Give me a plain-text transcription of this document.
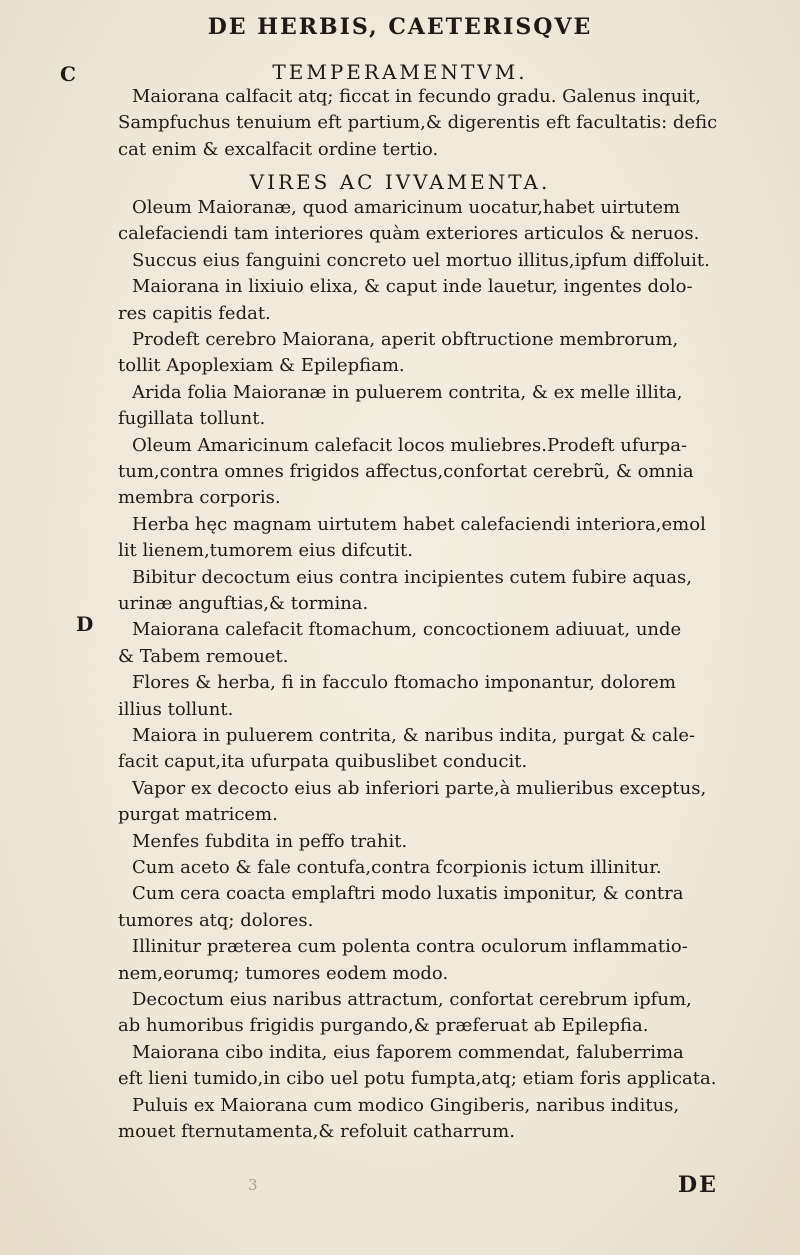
DE HERBIS, CAETERISQVE
C
D
TEMPERAMENTVM.
Maiorana calfacit atq; ficcat in fecundo gradu. Galenus inquit,
Sampfuchus tenuium eft partium,& digerentis eft facultatis: defic
cat enim & excalfacit ordine tertio.
VIRES AC IVVAMENTA.
Oleum Maioranæ, quod amaricinum uocatur,habet uirtutem
calefaciendi tam interiores quàm exteriores articulos & neruos.
Succus eius fanguini concreto uel mortuo illitus,ipfum diffoluit.
Maiorana in lixiuio elixa, & caput inde lauetur, ingentes dolo-
res capitis fedat.
Prodeft cerebro Maiorana, aperit obftructione membrorum,
tollit Apoplexiam & Epilepfiam.
Arida folia Maioranæ in puluerem contrita, & ex melle illita,
fugillata tollunt.
Oleum Amaricinum calefacit locos muliebres.Prodeft ufurpa-
tum,contra omnes frigidos affectus,confortat cerebrũ, & omnia
membra corporis.
Herba hęc magnam uirtutem habet calefaciendi interiora,emol
lit lienem,tumorem eius difcutit.
Bibitur decoctum eius contra incipientes cutem fubire aquas,
urinæ anguftias,& tormina.
Maiorana calefacit ftomachum, concoctionem adiuuat, unde
& Tabem remouet.
Flores & herba, fi in facculo ftomacho imponantur, dolorem
illius tollunt.
Maiora in puluerem contrita, & naribus indita, purgat & cale-
facit caput,ita ufurpata quibuslibet conducit.
Vapor ex decocto eius ab inferiori parte,à mulieribus exceptus,
purgat matricem.
Menfes fubdita in peffo trahit.
Cum aceto & fale contufa,contra fcorpionis ictum illinitur.
Cum cera coacta emplaftri modo luxatis imponitur, & contra
tumores atq; dolores.
Illinitur præterea cum polenta contra oculorum inflammatio-
nem,eorumq; tumores eodem modo.
Decoctum eius naribus attractum, confortat cerebrum ipfum,
ab humoribus frigidis purgando,& præferuat ab Epilepfia.
Maiorana cibo indita, eius faporem commendat, faluberrima
eft lieni tumido,in cibo uel potu fumpta,atq; etiam foris applicata.
Puluis ex Maiorana cum modico Gingiberis, naribus inditus,
mouet fternutamenta,& refoluit catharrum.
3	DE
